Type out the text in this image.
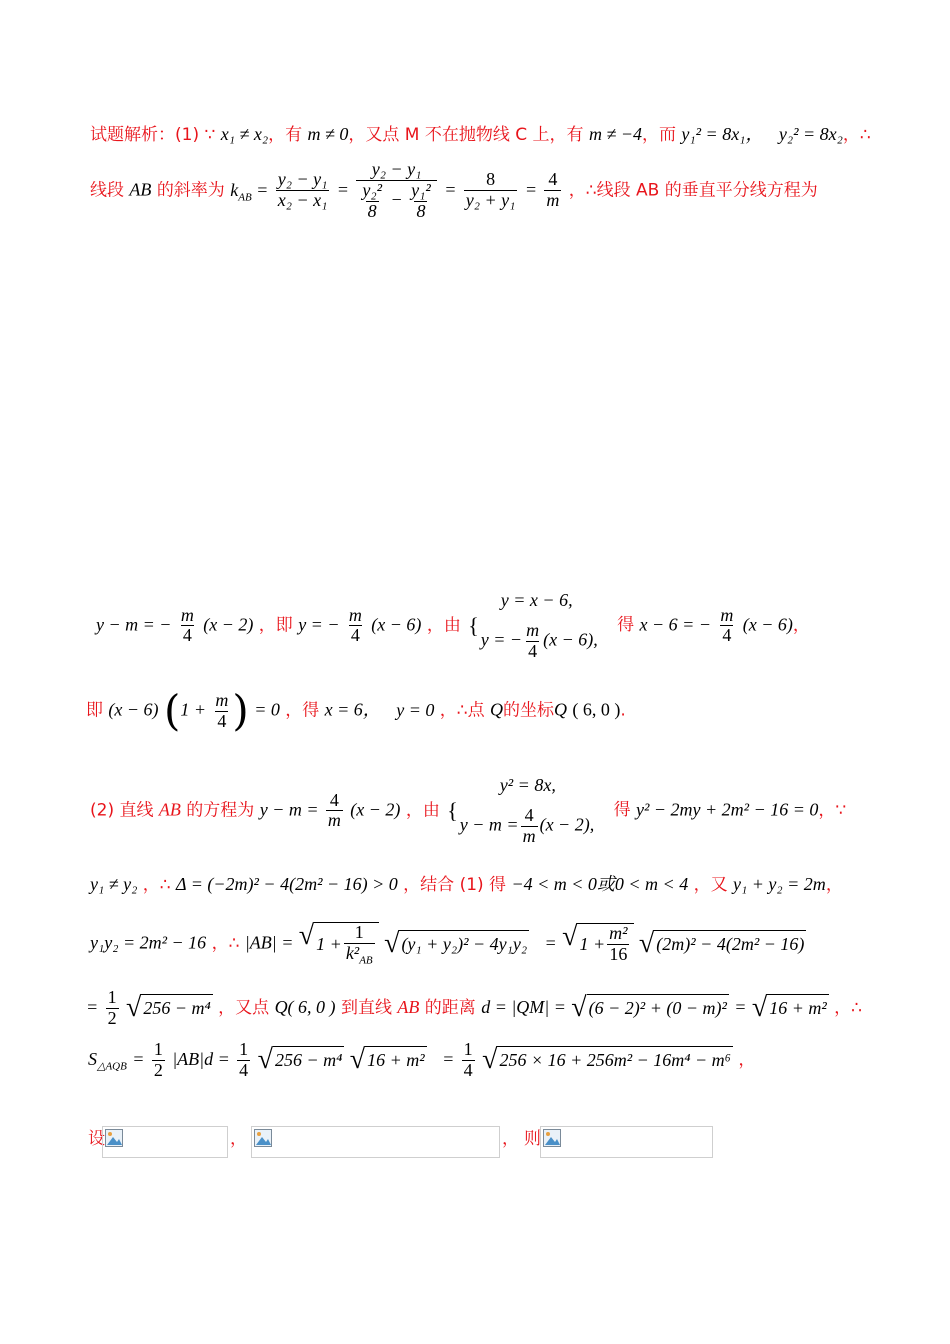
试题解析：(1) ∵ x₁ ≠ x₂，有 m ≠ 0，又点 M 不在抛物线 C 上，有 m ≠ −4，而 y₁² = 8x₁， y₂² = 8x₂，∴
线段 AB 的斜率为 $k_{AB} = \frac{\text{y₂ − y₁}}{\text{x₂ − x₁}} = \frac{\text{y₂ − y₁}}{\frac{\text{y₂²}}{8} - \frac{\text{y₁²}}{8}} = \frac{8}{\text{y₂ + y₁}} = \frac{4}{m}$ ，∴线段 AB 的垂直平分线方程为
y − m = − $\frac{m}{4} (x - 2)$ ，即 y = − $\frac{m}{4} (x - 6)$ ，由 {
y = x − 6,
y = − $\frac{m}{4} (x - 6)$,
得 x − 6 = − $\frac{m}{4} (x - 6)$，
即 (x − 6) ($1 + \frac{m}{4}$ ) = 0 ，得 x = 6， y = 0 ，∴点 Q的坐标Q ( 6, 0 ).
(2) 直线 AB 的方程为 $y - m = \frac{4}{m} (x - 2)$ ，由 {
y² = 8x,
$y - m = \frac{4}{m} (x - 2)$,
得 y² − 2my + 2m² − 16 = 0，∵
y₁ ≠ y₂ ，∴ Δ = (−2m)² − 4(2m² − 16) > 0 ，结合 (1) 得 −4 < m < 0或0 < m < 4 ，又 y₁ + y₂ = 2m，
y₁y₂ = 2m² − 16 ，∴ |AB| = √ $1 + \frac{1}{k^2_{AB}}$
√ (y₁ + y₂)² − 4y₁y₂ = √ $1 + \frac{\text{m²}}{16}$
√ (2m)² − 4(2m² − 16)
= $\frac{1}{2}$
√ 256 − m⁴ ，又点 Q( 6, 0 ) 到直线 AB 的距离 d = |QM| = √ (6 − 2)² + (0 − m)² = √ 16 + m² ，∴
$S_{\triangle AQB} = \frac{1}{2} |AB|d = \frac{1}{4}$
√ 256 − m⁴
√ $16 + m^2 = \frac{1}{4}$
√ 256 × 16 + 256m² − 16m⁴ − m⁶ ，
设	，	， 则
